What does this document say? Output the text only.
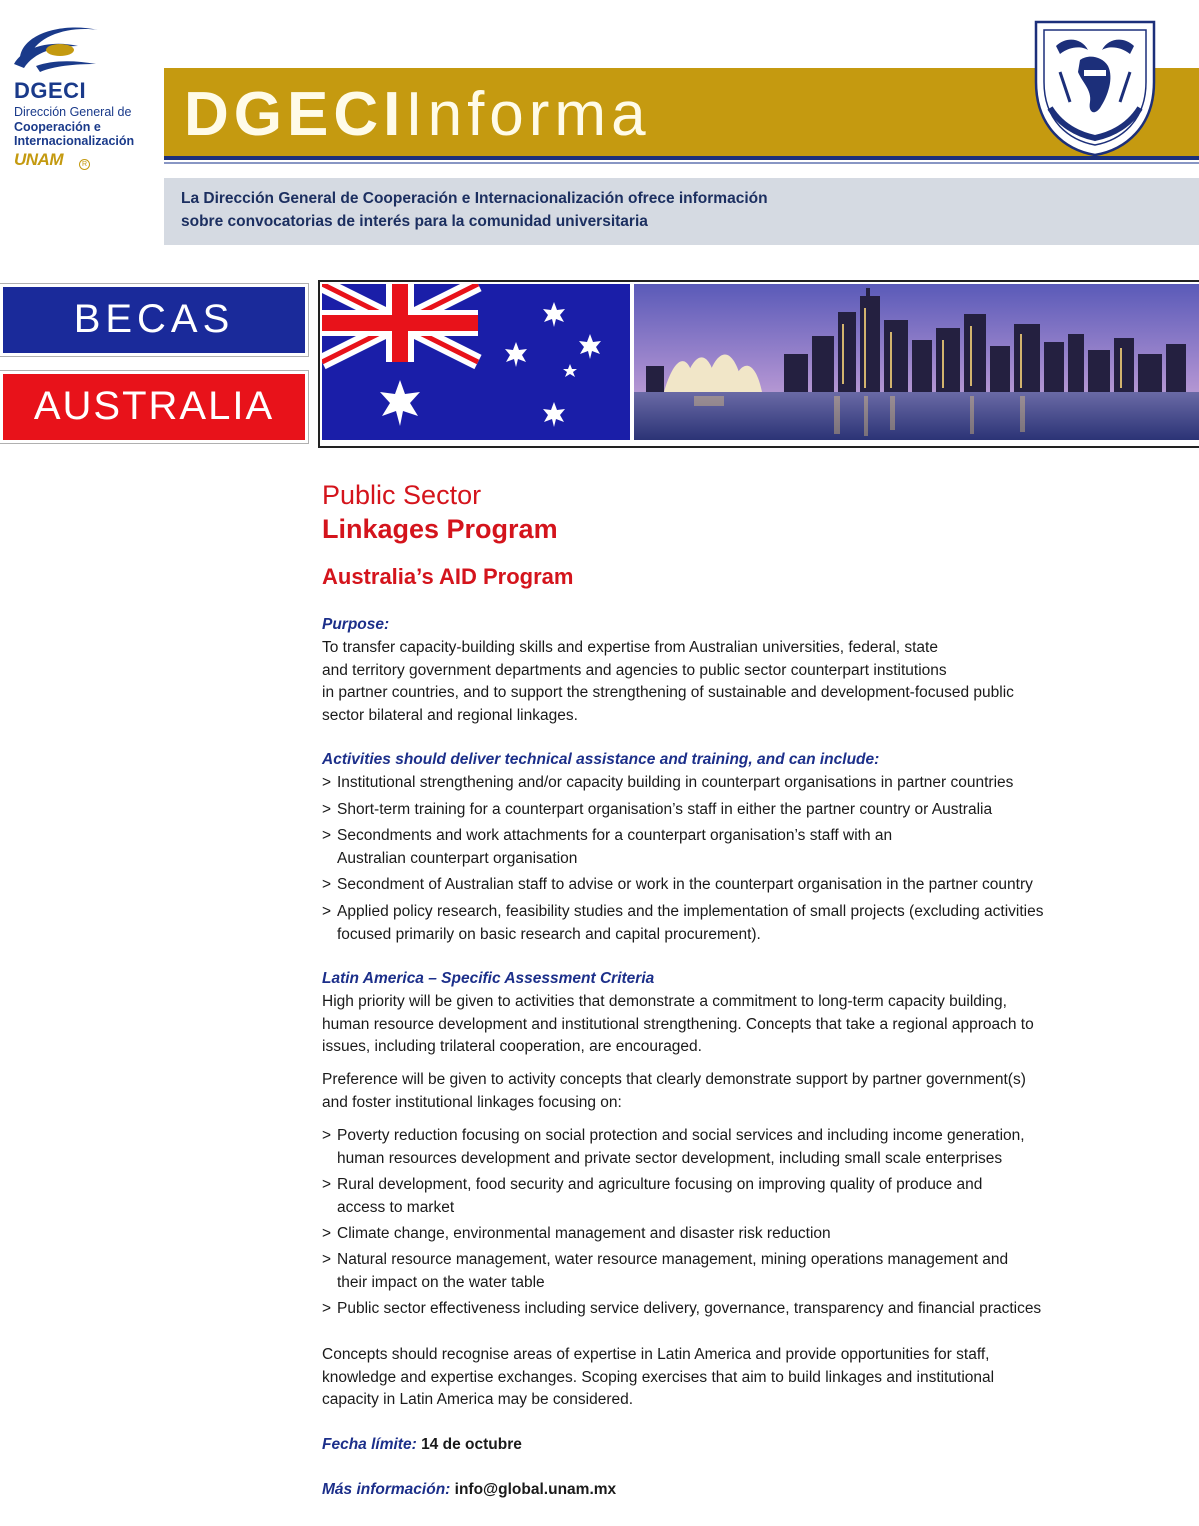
DGECI
Dirección General de
Cooperación e
Internacionalización
UNAM	R
DGECIInforma

La Dirección General de Cooperación e Internacionalización ofrece información
sobre convocatorias de interés para la comunidad universitaria

BECAS
AUSTRALIA
Public Sector
Linkages Program
Australia’s AID Program
Purpose:
To transfer capacity-building skills and expertise from Australian universities, federal, state
and territory government departments and agencies to public sector counterpart institutions
in partner countries, and to support the strengthening of sustainable and development-focused public
sector bilateral and regional linkages.
Activities should deliver technical assistance and training, and can include:
> Institutional strengthening and/or capacity building in counterpart organisations in partner countries
> Short-term training for a counterpart organisation’s staff in either the partner country or Australia
> Secondments and work attachments for a counterpart organisation’s staff with an
Australian counterpart organisation
> Secondment of Australian staff to advise or work in the counterpart organisation in the partner country
> Applied policy research, feasibility studies and the implementation of small projects (excluding activities
focused primarily on basic research and capital procurement).
Latin America – Specific Assessment Criteria
High priority will be given to activities that demonstrate a commitment to long-term capacity building,
human resource development and institutional strengthening. Concepts that take a regional approach to
issues, including trilateral cooperation, are encouraged.
Preference will be given to activity concepts that clearly demonstrate support by partner government(s)
and foster institutional linkages focusing on:
> Poverty reduction focusing on social protection and social services and including income generation,
human resources development and private sector development, including small scale enterprises
> Rural development, food security and agriculture focusing on improving quality of produce and
access to market
> Climate change, environmental management and disaster risk reduction
> Natural resource management, water resource management, mining operations management and
their impact on the water table
> Public sector effectiveness including service delivery, governance, transparency and financial practices
Concepts should recognise areas of expertise in Latin America and provide opportunities for staff,
knowledge and expertise exchanges. Scoping exercises that aim to build linkages and institutional
capacity in Latin America may be considered.
Fecha límite: 14 de octubre
Más información: info@global.unam.mx
